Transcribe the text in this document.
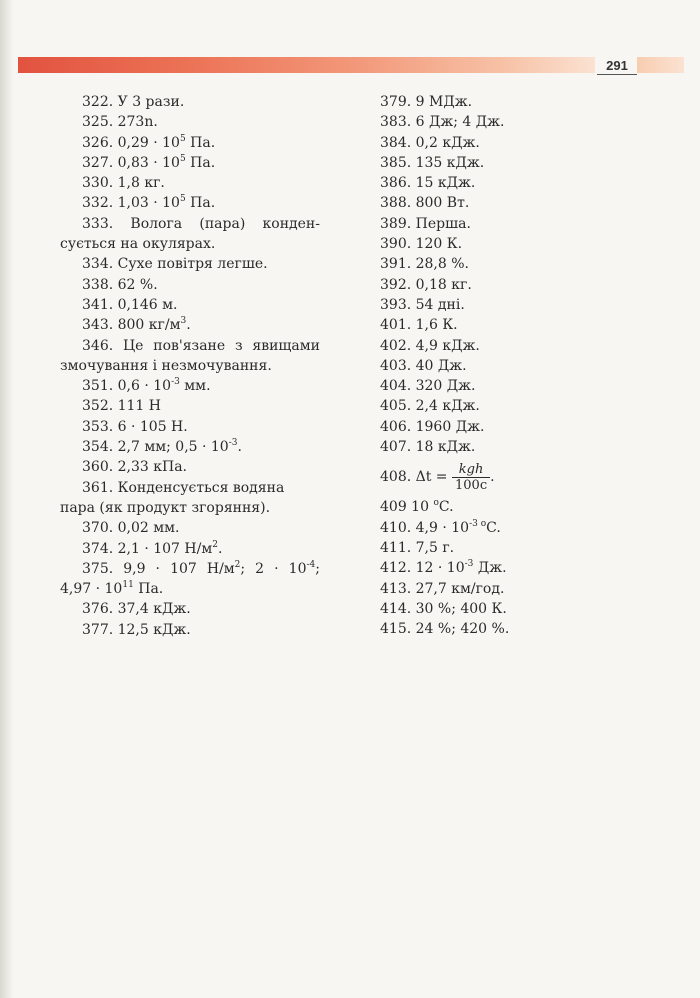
291
322. У 3 рази.
325. 273n.
326. $0,29 \cdot 10^5$ Па.
327. $0,83 \cdot 10^5$ Па.
330. 1,8 кг.
332. $1,03 \cdot 10^5$ Па.
333. Волога (пара) конден-
сується на окулярах.
334. Сухе повітря легше.
338. 62 %.
341. 0,146 м.
343. 800 $кг/м^3$.
346. Це пов'язане з явищами
змочування і незмочування.
351. $0,6 \cdot 10^{-3}$ мм.
352. 111 Н
353. 6 · 105 Н.
354. 2,7 мм; $0,5 \cdot 10^{-3}$.
360. 2,33 кПа.
361. Конденсується водяна
пара (як продукт згоряння).
370. 0,02 мм.
374. 2,1 · 107 $Н/м^2$.
375. 9,9 · 107 $Н/м^2$; $2 \cdot 10^{-4}$;
$4,97 \cdot 10^{11}$ Па.
376. 37,4 кДж.
377. 12,5 кДж.
379. 9 МДж.
383. 6 Дж; 4 Дж.
384. 0,2 кДж.
385. 135 кДж.
386. 15 кДж.
388. 800 Вт.
389. Перша.
390. 120 К.
391. 28,8 %.
392. 0,18 кг.
393. 54 дні.
401. 1,6 К.
402. 4,9 кДж.
403. 40 Дж.
404. 320 Дж.
405. 2,4 кДж.
406. 1960 Дж.
407. 18 кДж.
408. $\Delta t = \frac{\text{kgh}}{100c}$ .
409 10 $^o$C.
410. $4,9 \cdot 10^{-3 o}C$.
411. 7,5 г.
412. $12 \cdot 10^{-3}$ Дж.
413. 27,7 км/год.
414. 30 %; 400 К.
415. 24 %; 420 %.
